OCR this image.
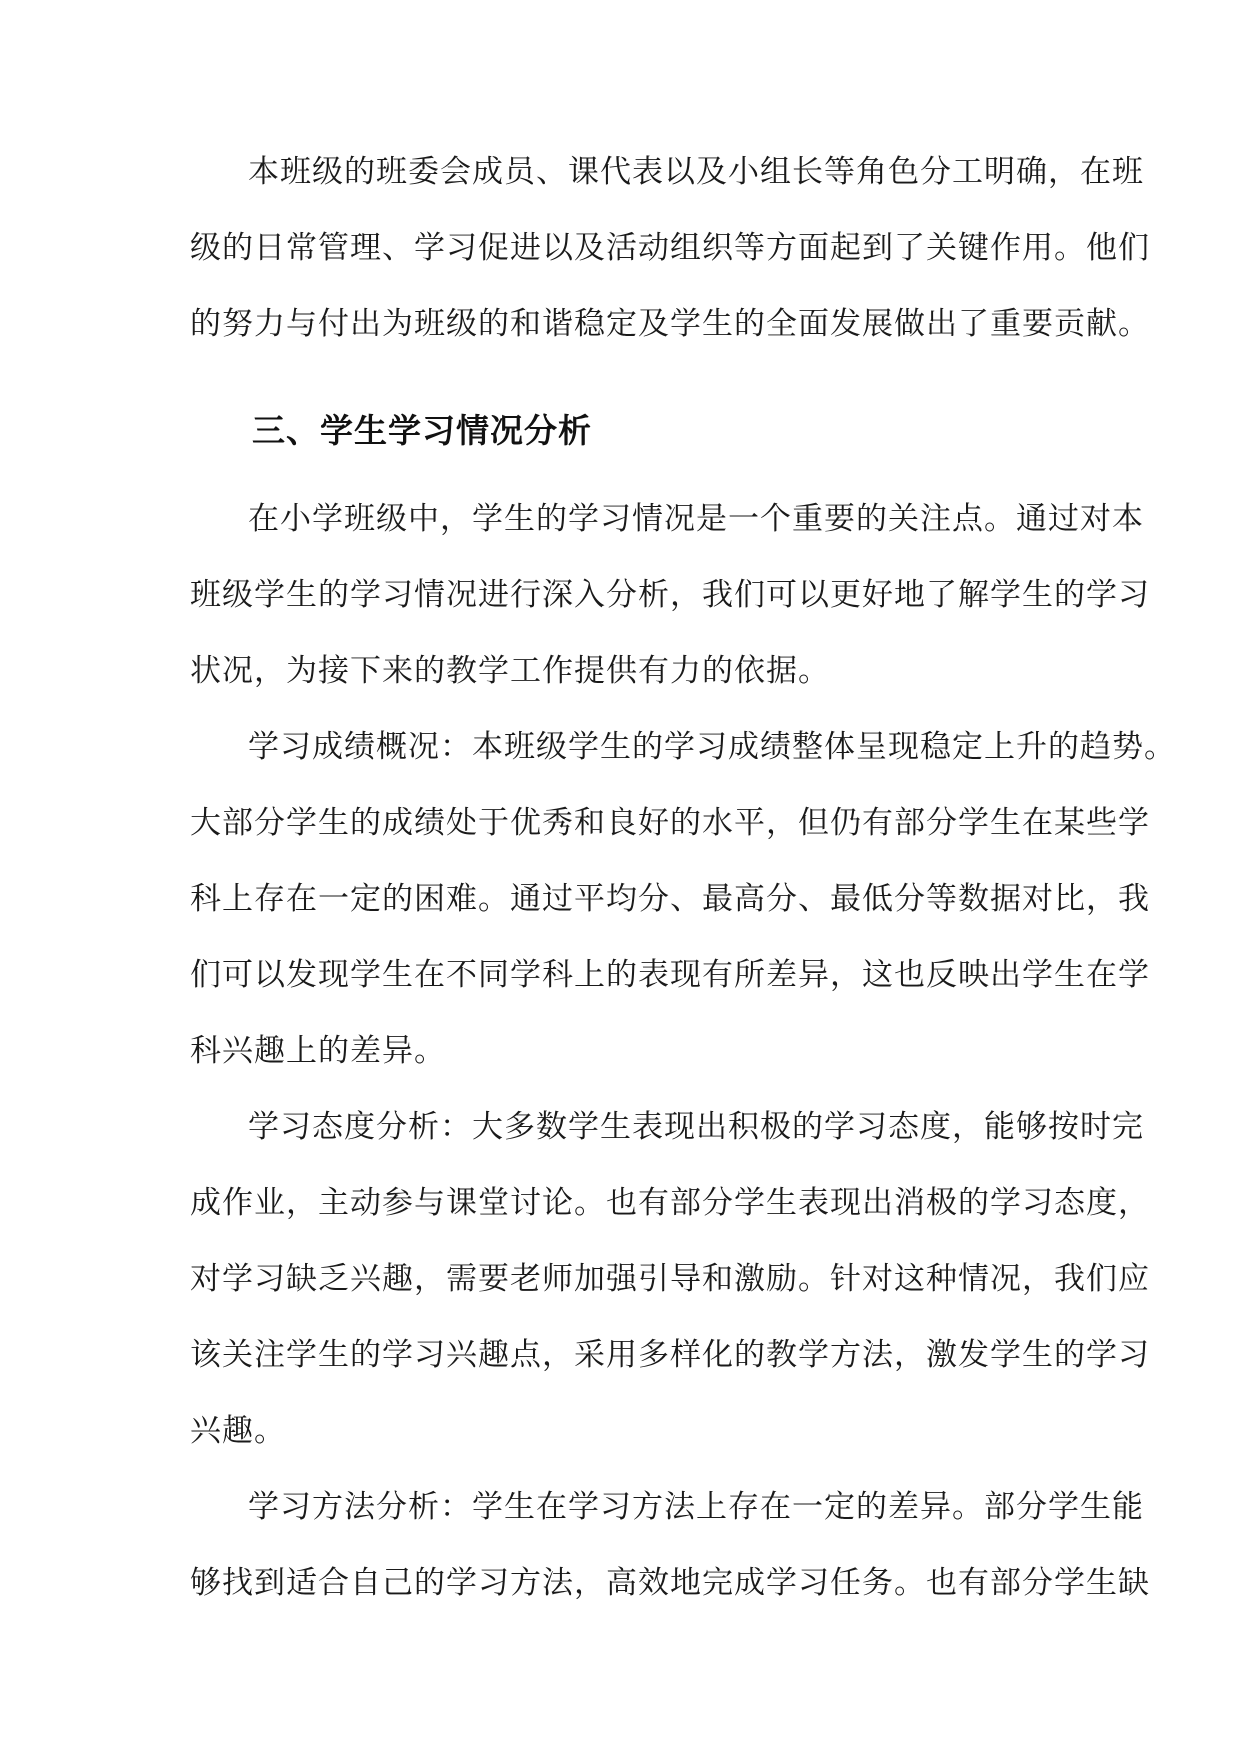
本班级的班委会成员、课代表以及小组长等角色分工明确，在班
级的日常管理、学习促进以及活动组织等方面起到了关键作用。他们
的努力与付出为班级的和谐稳定及学生的全面发展做出了重要贡献。
三、学生学习情况分析
在小学班级中，学生的学习情况是一个重要的关注点。通过对本
班级学生的学习情况进行深入分析，我们可以更好地了解学生的学习
状况，为接下来的教学工作提供有力的依据。
学习成绩概况：本班级学生的学习成绩整体呈现稳定上升的趋势。
大部分学生的成绩处于优秀和良好的水平，但仍有部分学生在某些学
科上存在一定的困难。通过平均分、最高分、最低分等数据对比，我
们可以发现学生在不同学科上的表现有所差异，这也反映出学生在学
科兴趣上的差异。
学习态度分析：大多数学生表现出积极的学习态度，能够按时完
成作业，主动参与课堂讨论。也有部分学生表现出消极的学习态度，
对学习缺乏兴趣，需要老师加强引导和激励。针对这种情况，我们应
该关注学生的学习兴趣点，采用多样化的教学方法，激发学生的学习
兴趣。
学习方法分析：学生在学习方法上存在一定的差异。部分学生能
够找到适合自己的学习方法，高效地完成学习任务。也有部分学生缺
